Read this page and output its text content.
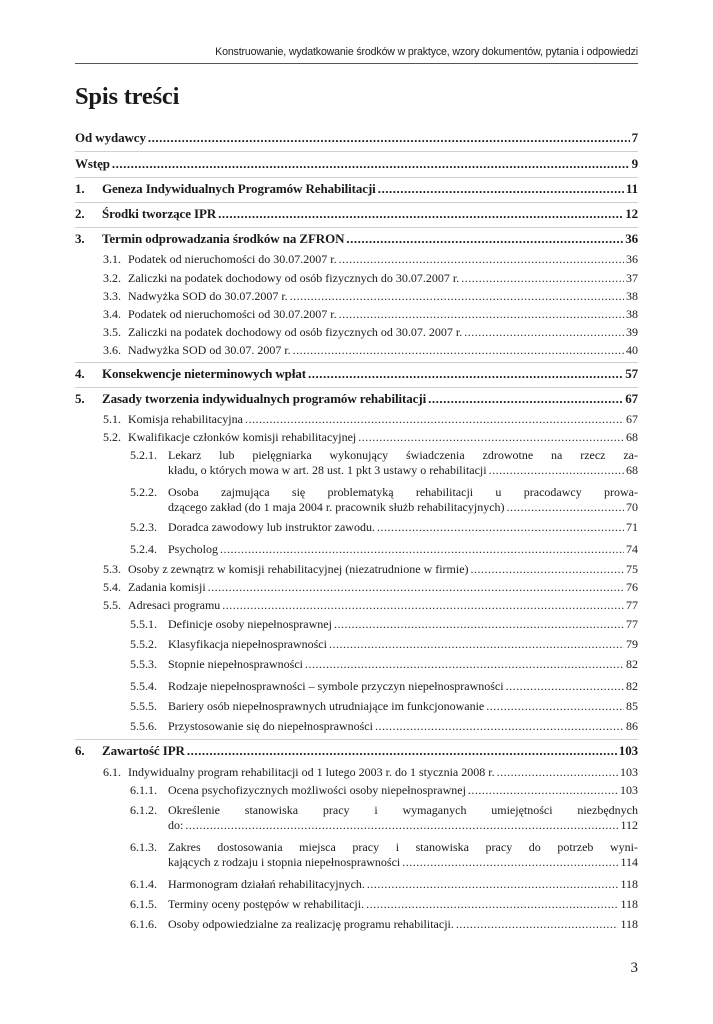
Konstruowanie, wydatkowanie środków w praktyce, wzory dokumentów, pytania i odpowiedzi
Spis treści
Od wydawcy .....	7
Wstęp .....	9
1.	Geneza Indywidualnych Programów Rehabilitacji .....	11
2.	Środki tworzące IPR .....	12
3.	Termin odprowadzania środków na ZFRON .....	36
3.1. Podatek od nieruchomości do 30.07.2007 r. .....	36
3.2. Zaliczki na podatek dochodowy od osób fizycznych do 30.07.2007 r. .....	37
3.3. Nadwyżka SOD do 30.07.2007 r. .....	38
3.4. Podatek od nieruchomości od 30.07.2007 r. .....	38
3.5. Zaliczki na podatek dochodowy od osób fizycznych od 30.07. 2007 r. .....	39
3.6. Nadwyżka SOD od 30.07. 2007 r. .....	40
4.	Konsekwencje nieterminowych wpłat .....	57
5.	Zasady tworzenia indywidualnych programów rehabilitacji .....	67
5.1. Komisja rehabilitacyjna .....	67
5.2. Kwalifikacje członków komisji rehabilitacyjnej .....	68
5.2.1. Lekarz lub pielęgniarka wykonujący świadczenia zdrowotne na rzecz za-
kładu, o których mowa w art. 28 ust. 1 pkt 3 ustawy o rehabilitacji .....	68
5.2.2. Osoba zajmująca się problematyką rehabilitacji u pracodawcy prowa-
dzącego zakład (do 1 maja 2004 r. pracownik służb rehabilitacyjnych) .....	70
5.2.3. Doradca zawodowy lub instruktor zawodu. .....	71
5.2.4. Psycholog .....	74
5.3. Osoby z zewnątrz w komisji rehabilitacyjnej (niezatrudnione w firmie) .....	75
5.4. Zadania komisji .....	76
5.5. Adresaci programu .....	77
5.5.1. Definicje osoby niepełnosprawnej .....	77
5.5.2. Klasyfikacja niepełnosprawności .....	79
5.5.3. Stopnie niepełnosprawności .....	82
5.5.4. Rodzaje niepełnosprawności – symbole przyczyn niepełnosprawności .....	82
5.5.5. Bariery osób niepełnosprawnych utrudniające im funkcjonowanie .....	85
5.5.6. Przystosowanie się do niepełnosprawności .....	86
6.	Zawartość IPR .....	103
6.1. Indywidualny program rehabilitacji od 1 lutego 2003 r. do 1 stycznia 2008 r. .....	103
6.1.1. Ocena psychofizycznych możliwości osoby niepełnosprawnej .....	103
6.1.2. Określenie stanowiska pracy i wymaganych umiejętności niezbędnych
do: .....	112
6.1.3. Zakres dostosowania miejsca pracy i stanowiska pracy do potrzeb wyni-
kających z rodzaju i stopnia niepełnosprawności .....	114
6.1.4. Harmonogram działań rehabilitacyjnych. .....	118
6.1.5. Terminy oceny postępów w rehabilitacji. .....	118
6.1.6. Osoby odpowiedzialne za realizację programu rehabilitacji. .....	118
3
